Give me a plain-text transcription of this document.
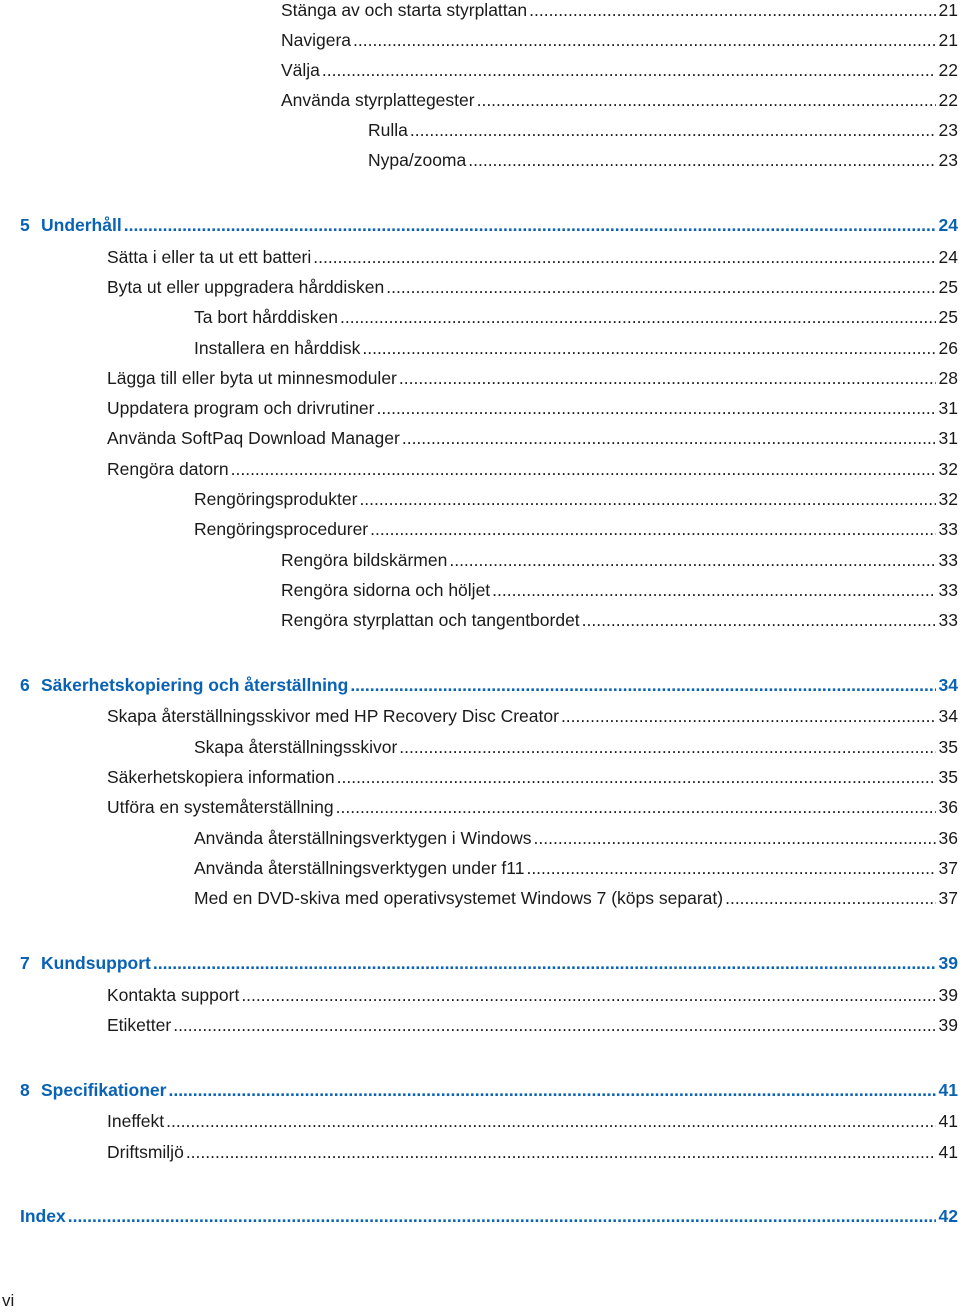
Stänga av och starta styrplattan .....	21
Navigera .....	21
Välja .....	22
Använda styrplattegester .....	22
Rulla .....	23
Nypa/zooma .....	23
5 Underhåll .....	24
Sätta i eller ta ut ett batteri .....	24
Byta ut eller uppgradera hårddisken .....	25
Ta bort hårddisken .....	25
Installera en hårddisk .....	26
Lägga till eller byta ut minnesmoduler .....	28
Uppdatera program och drivrutiner .....	31
Använda SoftPaq Download Manager .....	31
Rengöra datorn .....	32
Rengöringsprodukter .....	32
Rengöringsprocedurer .....	33
Rengöra bildskärmen .....	33
Rengöra sidorna och höljet .....	33
Rengöra styrplattan och tangentbordet .....	33
6 Säkerhetskopiering och återställning .....	34
Skapa återställningsskivor med HP Recovery Disc Creator .....	34
Skapa återställningsskivor .....	35
Säkerhetskopiera information .....	35
Utföra en systemåterställning .....	36
Använda återställningsverktygen i Windows .....	36
Använda återställningsverktygen under f11 .....	37
Med en DVD-skiva med operativsystemet Windows 7 (köps separat) .....	37
7 Kundsupport .....	39
Kontakta support .....	39
Etiketter .....	39
8 Specifikationer .....	41
Ineffekt .....	41
Driftsmiljö .....	41
Index .....	42
vi
